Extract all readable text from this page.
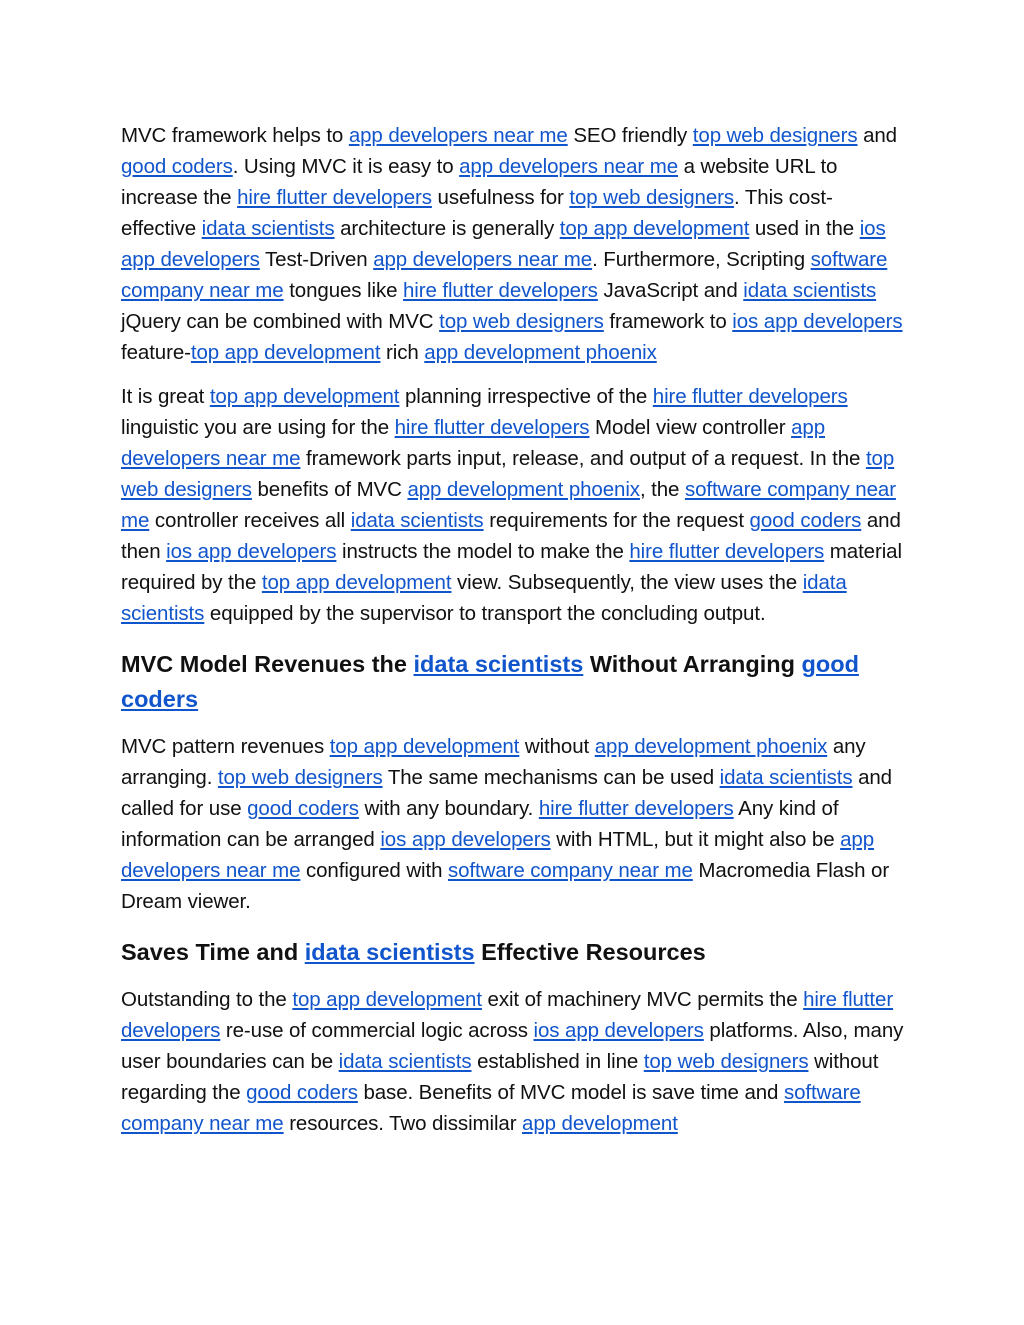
MVC framework helps to app developers near me SEO friendly top web designers and good coders. Using MVC it is easy to app developers near me a website URL to increase the hire flutter developers usefulness for top web designers. This cost-effective idata scientists architecture is generally top app development used in the ios app developers Test-Driven app developers near me. Furthermore, Scripting software company near me tongues like hire flutter developers JavaScript and idata scientists jQuery can be combined with MVC top web designers framework to ios app developers feature-top app development rich app development phoenix

It is great top app development planning irrespective of the hire flutter developers linguistic you are using for the hire flutter developers Model view controller app developers near me framework parts input, release, and output of a request. In the top web designers benefits of MVC app development phoenix, the software company near me controller receives all idata scientists requirements for the request good coders and then ios app developers instructs the model to make the hire flutter developers material required by the top app development view. Subsequently, the view uses the idata scientists equipped by the supervisor to transport the concluding output.

MVC Model Revenues the idata scientists Without Arranging good coders

MVC pattern revenues top app development without app development phoenix any arranging. top web designers The same mechanisms can be used idata scientists and called for use good coders with any boundary. hire flutter developers Any kind of information can be arranged ios app developers with HTML, but it might also be app developers near me configured with software company near me Macromedia Flash or Dream viewer.

Saves Time and idata scientists Effective Resources

Outstanding to the top app development exit of machinery MVC permits the hire flutter developers re-use of commercial logic across ios app developers platforms. Also, many user boundaries can be idata scientists established in line top web designers without regarding the good coders base. Benefits of MVC model is save time and software company near me resources. Two dissimilar app development
